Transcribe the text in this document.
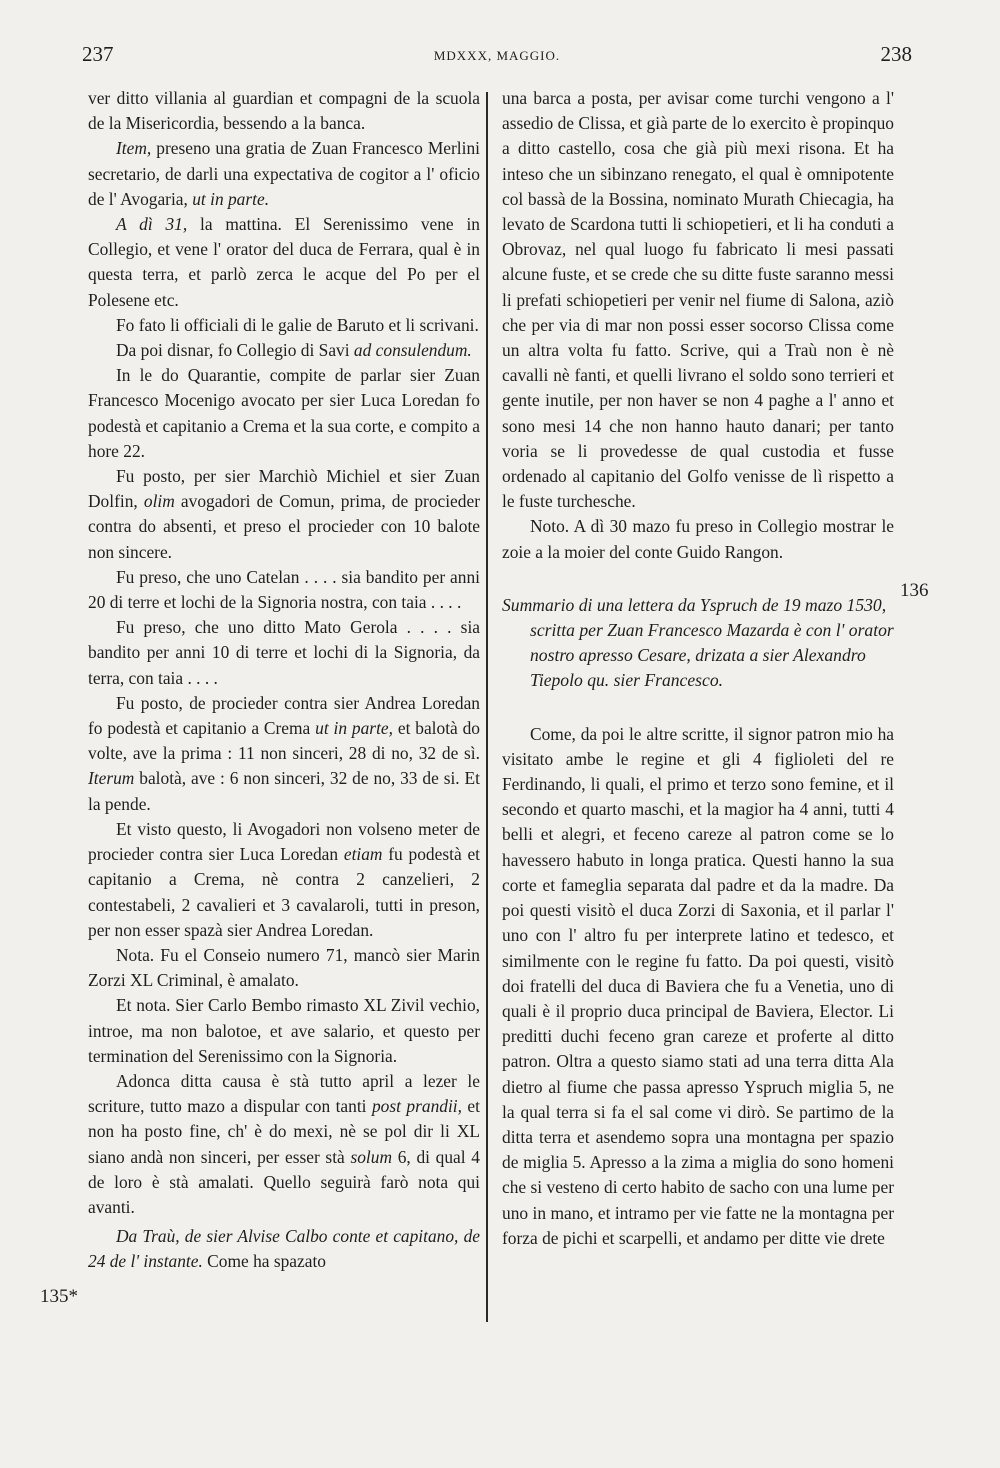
237	MDXXX, MAGGIO.	238
135*
136

ver ditto villania al guardian et compagni de la scuola de la Misericordia, bessendo a la banca.

Item, preseno una gratia de Zuan Francesco Merlini secretario, de darli una expectativa de cogitor a l' oficio de l' Avogaria, ut in parte.

A dì 31, la mattina. El Serenissimo vene in Collegio, et vene l' orator del duca de Ferrara, qual è in questa terra, et parlò zerca le acque del Po per el Polesene etc.

Fo fato li officiali di le galie de Baruto et li scrivani.

Da poi disnar, fo Collegio di Savi ad consulendum.

In le do Quarantie, compite de parlar sier Zuan Francesco Mocenigo avocato per sier Luca Loredan fo podestà et capitanio a Crema et la sua corte, e compito a hore 22.

Fu posto, per sier Marchiò Michiel et sier Zuan Dolfin, olim avogadori de Comun, prima, de procieder contra do absenti, et preso el procieder con 10 balote non sincere.

Fu preso, che uno Catelan . . . . sia bandito per anni 20 di terre et lochi de la Signoria nostra, con taia . . . .

Fu preso, che uno ditto Mato Gerola . . . . sia bandito per anni 10 di terre et lochi di la Signoria, da terra, con taia . . . .

Fu posto, de procieder contra sier Andrea Loredan fo podestà et capitanio a Crema ut in parte, et balotà do volte, ave la prima : 11 non sinceri, 28 di no, 32 de sì. Iterum balotà, ave : 6 non sinceri, 32 de no, 33 de si. Et la pende.

Et visto questo, li Avogadori non volseno meter de procieder contra sier Luca Loredan etiam fu podestà et capitanio a Crema, nè contra 2 canzelieri, 2 contestabeli, 2 cavalieri et 3 cavalaroli, tutti in preson, per non esser spazà sier Andrea Loredan.

Nota. Fu el Conseio numero 71, mancò sier Marin Zorzi XL Criminal, è amalato.

Et nota. Sier Carlo Bembo rimasto XL Zivil vechio, introe, ma non balotoe, et ave salario, et questo per termination del Serenissimo con la Signoria.

Adonca ditta causa è stà tutto april a lezer le scriture, tutto mazo a dispular con tanti post prandii, et non ha posto fine, ch' è do mexi, nè se pol dir li XL siano andà non sinceri, per esser stà solum 6, di qual 4 de loro è stà amalati. Quello seguirà farò nota qui avanti.

Da Traù, de sier Alvise Calbo conte et capitano, de 24 de l' instante. Come ha spazato

una barca a posta, per avisar come turchi vengono a l' assedio de Clissa, et già parte de lo exercito è propinquo a ditto castello, cosa che già più mexi risona. Et ha inteso che un sibinzano renegato, el qual è omnipotente col bassà de la Bossina, nominato Murath Chiecagia, ha levato de Scardona tutti li schiopetieri, et li ha conduti a Obrovaz, nel qual luogo fu fabricato li mesi passati alcune fuste, et se crede che su ditte fuste saranno messi li prefati schiopetieri per venir nel fiume di Salona, aziò che per via di mar non possi esser socorso Clissa come un altra volta fu fatto. Scrive, qui a Traù non è nè cavalli nè fanti, et quelli livrano el soldo sono terrieri et gente inutile, per non haver se non 4 paghe a l' anno et sono mesi 14 che non hanno hauto danari; per tanto voria se li provedesse de qual custodia et fusse ordenado al capitanio del Golfo venisse de lì rispetto a le fuste turchesche.

Noto. A dì 30 mazo fu preso in Collegio mostrar le zoie a la moier del conte Guido Rangon.

Summario di una lettera da Yspruch de 19 mazo 1530, scritta per Zuan Francesco Mazarda è con l' orator nostro apresso Cesare, drizata a sier Alexandro Tiepolo qu. sier Francesco.

Come, da poi le altre scritte, il signor patron mio ha visitato ambe le regine et gli 4 figlioleti del re Ferdinando, li quali, el primo et terzo sono femine, et il secondo et quarto maschi, et la magior ha 4 anni, tutti 4 belli et alegri, et feceno careze al patron come se lo havessero habuto in longa pratica. Questi hanno la sua corte et fameglia separata dal padre et da la madre. Da poi questi visitò el duca Zorzi di Saxonia, et il parlar l' uno con l' altro fu per interprete latino et tedesco, et similmente con le regine fu fatto. Da poi questi, visitò doi fratelli del duca di Baviera che fu a Venetia, uno di quali è il proprio duca principal de Baviera, Elector. Li preditti duchi feceno gran careze et proferte al ditto patron. Oltra a questo siamo stati ad una terra ditta Ala dietro al fiume che passa apresso Yspruch miglia 5, ne la qual terra si fa el sal come vi dirò. Se partimo de la ditta terra et asendemo sopra una montagna per spazio de miglia 5. Apresso a la zima a miglia do sono homeni che si vesteno di certo habito de sacho con una lume per uno in mano, et intramo per vie fatte ne la montagna per forza de pichi et scarpelli, et andamo per ditte vie drete
